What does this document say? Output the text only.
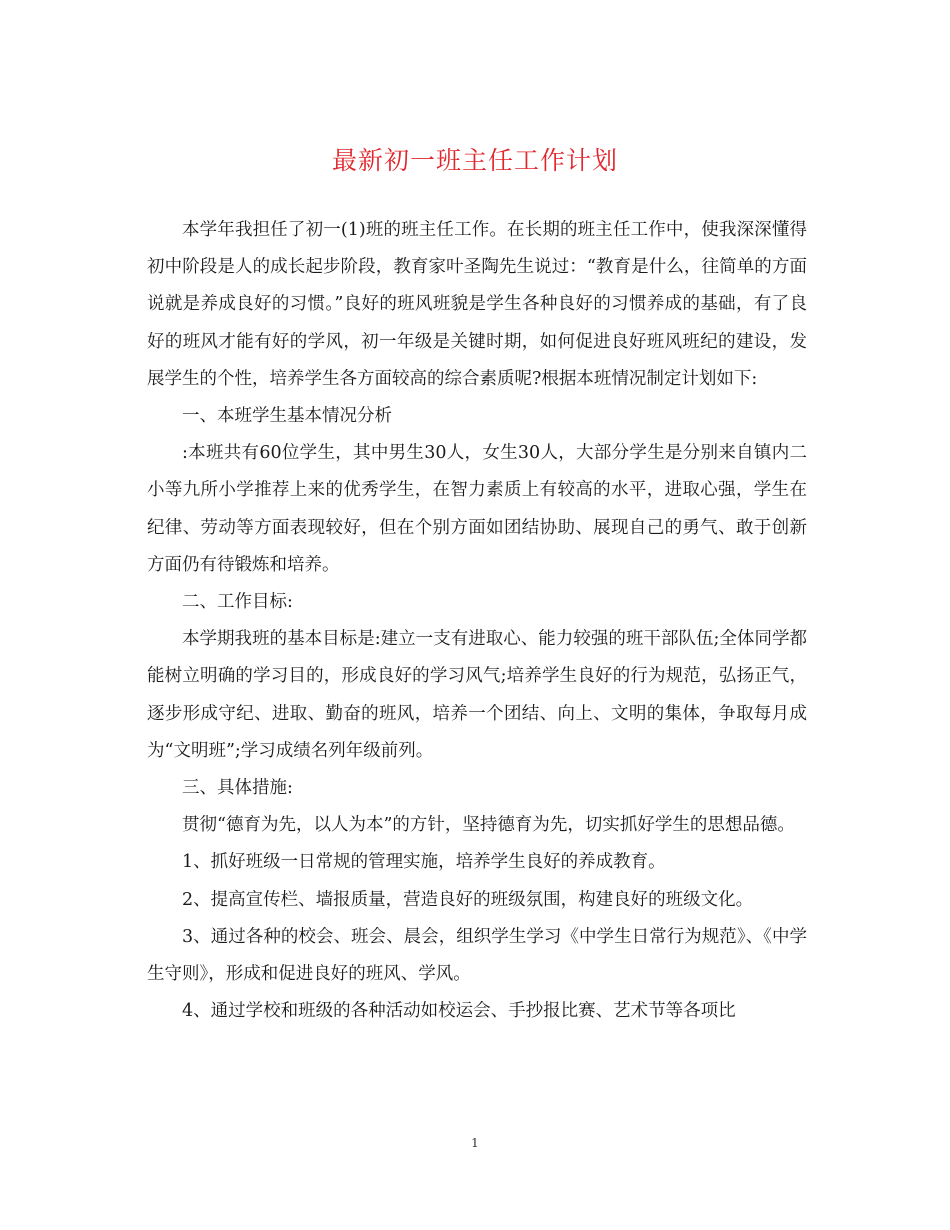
最新初一班主任工作计划

本学年我担任了初一(1)班的班主任工作。在长期的班主任工作中，使我深深懂得初中阶段是人的成长起步阶段，教育家叶圣陶先生说过：“教育是什么，往简单的方面说就是养成良好的习惯。”良好的班风班貌是学生各种良好的习惯养成的基础，有了良好的班风才能有好的学风，初一年级是关键时期，如何促进良好班风班纪的建设，发展学生的个性，培养学生各方面较高的综合素质呢?根据本班情况制定计划如下:

一、本班学生基本情况分析

:本班共有60位学生，其中男生30人，女生30人，大部分学生是分别来自镇内二小等九所小学推荐上来的优秀学生，在智力素质上有较高的水平，进取心强，学生在纪律、劳动等方面表现较好，但在个别方面如团结协助、展现自己的勇气、敢于创新方面仍有待锻炼和培养。

二、工作目标:

本学期我班的基本目标是:建立一支有进取心、能力较强的班干部队伍;全体同学都能树立明确的学习目的，形成良好的学习风气;培养学生良好的行为规范，弘扬正气，逐步形成守纪、进取、勤奋的班风，培养一个团结、向上、文明的集体，争取每月成为“文明班”;学习成绩名列年级前列。

三、具体措施:

贯彻“德育为先，以人为本”的方针，坚持德育为先，切实抓好学生的思想品德。

1、抓好班级一日常规的管理实施，培养学生良好的养成教育。

2、提高宣传栏、墙报质量，营造良好的班级氛围，构建良好的班级文化。

3、通过各种的校会、班会、晨会，组织学生学习《中学生日常行为规范》、《中学生守则》，形成和促进良好的班风、学风。

4、通过学校和班级的各种活动如校运会、手抄报比赛、艺术节等各项比

1
